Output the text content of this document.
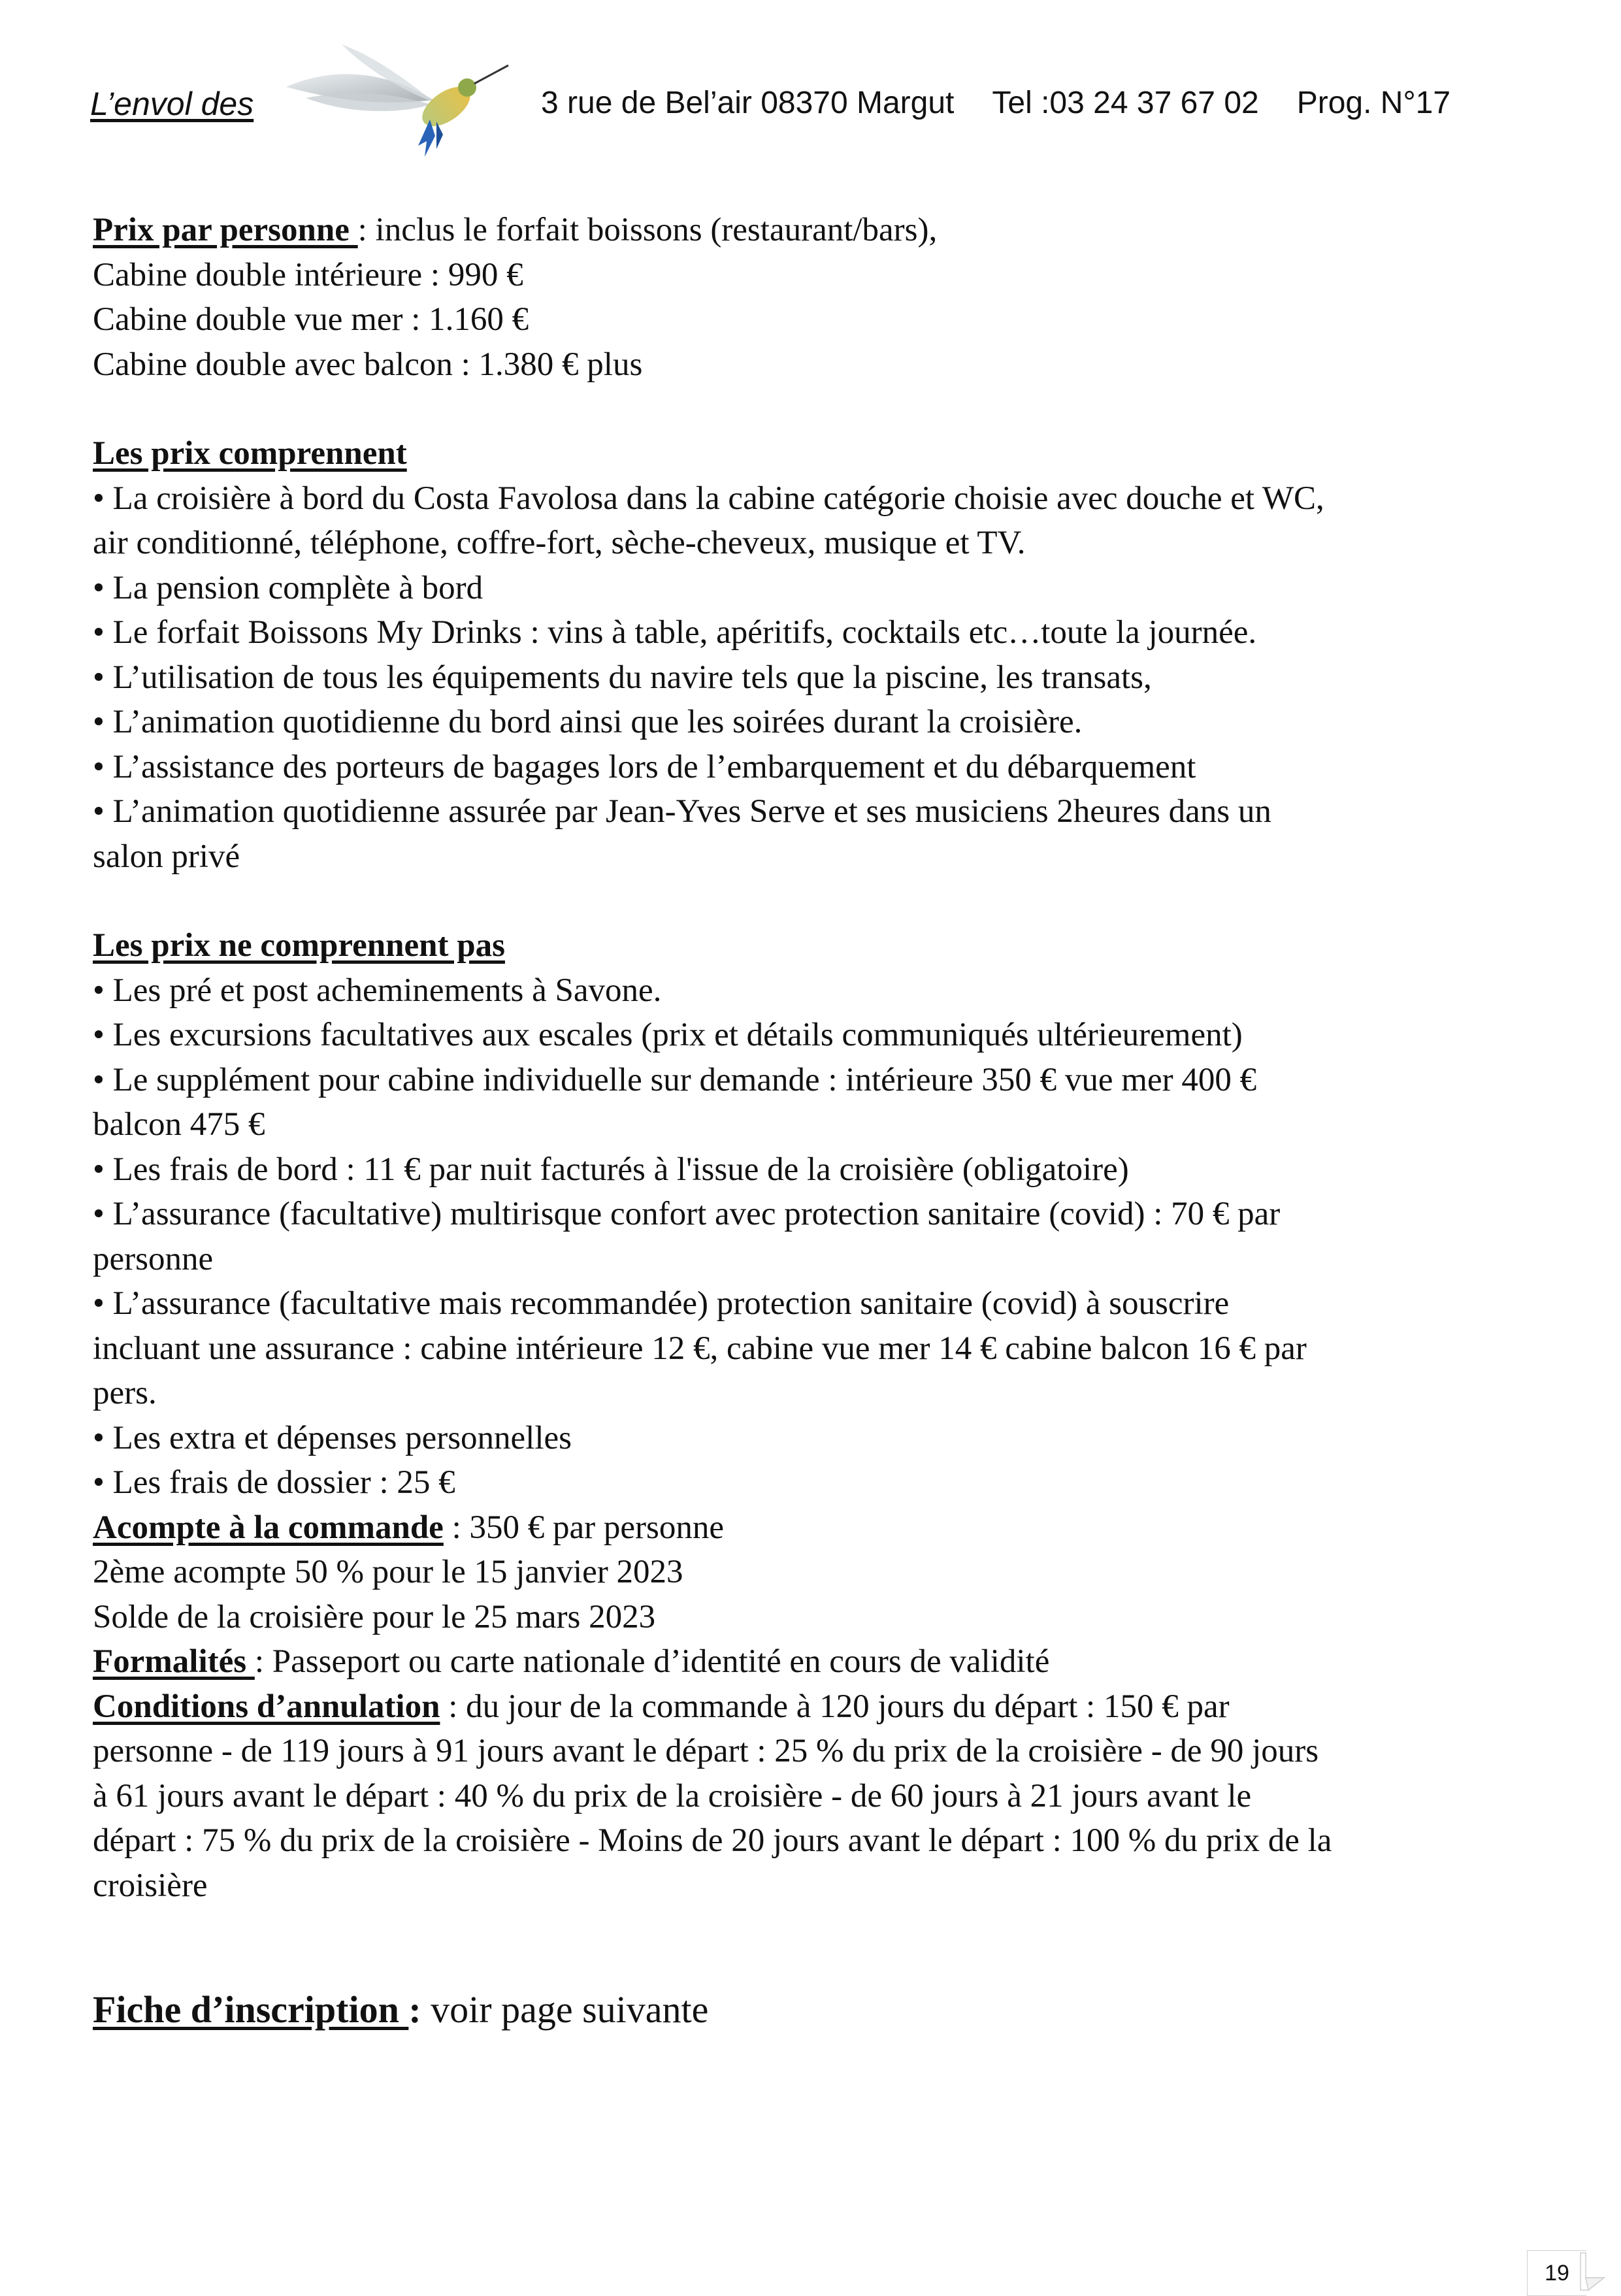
L’envol des	3 rue de Bel’air 08370 Margut Tel :03 24 37 67 02 Prog. N°17
Prix par personne : inclus le forfait boissons (restaurant/bars),
Cabine double intérieure : 990 €
Cabine double vue mer : 1.160 €
Cabine double avec balcon : 1.380 € plus
Les prix comprennent
• La croisière à bord du Costa Favolosa dans la cabine catégorie choisie avec douche et WC,
air conditionné, téléphone, coffre-fort, sèche-cheveux, musique et TV.
• La pension complète à bord
• Le forfait Boissons My Drinks : vins à table, apéritifs, cocktails etc…toute la journée.
• L’utilisation de tous les équipements du navire tels que la piscine, les transats,
• L’animation quotidienne du bord ainsi que les soirées durant la croisière.
• L’assistance des porteurs de bagages lors de l’embarquement et du débarquement
• L’animation quotidienne assurée par Jean-Yves Serve et ses musiciens 2heures dans un
salon privé
Les prix ne comprennent pas
• Les pré et post acheminements à Savone.
• Les excursions facultatives aux escales (prix et détails communiqués ultérieurement)
• Le supplément pour cabine individuelle sur demande : intérieure 350 € vue mer 400 €
balcon 475 €
• Les frais de bord : 11 € par nuit facturés à l'issue de la croisière (obligatoire)
• L’assurance (facultative) multirisque confort avec protection sanitaire (covid) : 70 € par
personne
• L’assurance (facultative mais recommandée) protection sanitaire (covid) à souscrire
incluant une assurance : cabine intérieure 12 €, cabine vue mer 14 € cabine balcon 16 € par
pers.
• Les extra et dépenses personnelles
• Les frais de dossier : 25 €
Acompte à la commande : 350 € par personne
2ème acompte 50 % pour le 15 janvier 2023
Solde de la croisière pour le 25 mars 2023
Formalités : Passeport ou carte nationale d’identité en cours de validité
Conditions d’annulation : du jour de la commande à 120 jours du départ : 150 € par
personne - de 119 jours à 91 jours avant le départ : 25 % du prix de la croisière - de 90 jours
à 61 jours avant le départ : 40 % du prix de la croisière - de 60 jours à 21 jours avant le
départ : 75 % du prix de la croisière - Moins de 20 jours avant le départ : 100 % du prix de la
croisière
Fiche d’inscription : voir page suivante
19
